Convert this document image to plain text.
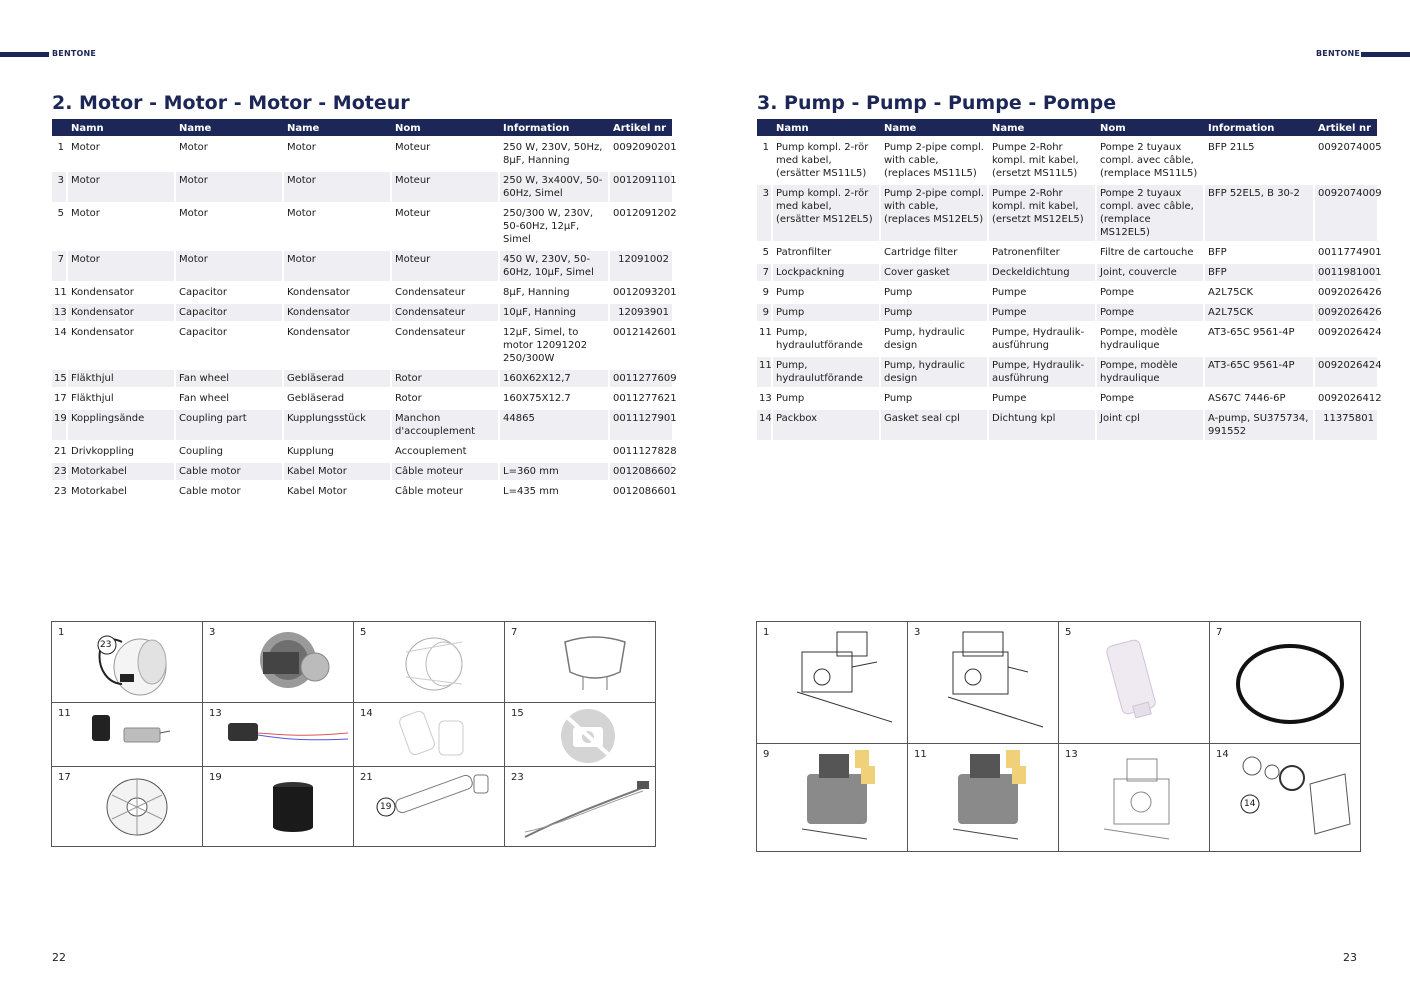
BENTONE	BENTONE
2. Motor - Motor - Motor - Moteur
	Namn	Name	Name	Nom	Information	Artikel nr
1	Motor	Motor	Motor	Moteur	250 W, 230V, 50Hz, 8µF, Hanning	0092090201
3	Motor	Motor	Motor	Moteur	250 W, 3x400V, 50-60Hz, Simel	0012091101
5	Motor	Motor	Motor	Moteur	250/300 W, 230V, 50-60Hz, 12µF, Simel	0012091202
7	Motor	Motor	Motor	Moteur	450 W, 230V, 50-60Hz, 10µF, Simel	12091002
11	Kondensator	Capacitor	Kondensator	Condensateur	8µF, Hanning	0012093201
13	Kondensator	Capacitor	Kondensator	Condensateur	10µF, Hanning	12093901
14	Kondensator	Capacitor	Kondensator	Condensateur	12µF, Simel, to motor 12091202 250/300W	0012142601
15	Fläkthjul	Fan wheel	Gebläserad	Rotor	160X62X12,7	0011277609
17	Fläkthjul	Fan wheel	Gebläserad	Rotor	160X75X12.7	0011277621
19	Kopplingsände	Coupling part	Kupplungsstück	Manchon d'accouplement	44865	0011127901
21	Drivkoppling	Coupling	Kupplung	Accouplement		0011127828
23	Motorkabel	Cable motor	Kabel Motor	Câble moteur	L=360 mm	0012086602
23	Motorkabel	Cable motor	Kabel Motor	Câble moteur	L=435 mm	0012086601
1
23
3	5	7
11	13	14	15
17	19	21
19
23
22
3. Pump - Pump - Pumpe - Pompe
	Namn	Name	Name	Nom	Information	Artikel nr
1	Pump kompl. 2-rör med kabel, (ersätter MS11L5)	Pump 2-pipe compl. with cable, (replaces MS11L5)	Pumpe 2-Rohr kompl. mit kabel, (ersetzt MS11L5)	Pompe 2 tuyaux compl. avec câble, (remplace MS11L5)	BFP 21L5	0092074005
3	Pump kompl. 2-rör med kabel, (ersätter MS12EL5)	Pump 2-pipe compl. with cable, (replaces MS12EL5)	Pumpe 2-Rohr kompl. mit kabel, (ersetzt MS12EL5)	Pompe 2 tuyaux compl. avec câble, (remplace MS12EL5)	BFP 52EL5, B 30-2	0092074009
5	Patronfilter	Cartridge filter	Patronenfilter	Filtre de cartouche	BFP	0011774901
7	Lockpackning	Cover gasket	Deckeldichtung	Joint, couvercle	BFP	0011981001
9	Pump	Pump	Pumpe	Pompe	A2L75CK	0092026426
9	Pump	Pump	Pumpe	Pompe	A2L75CK	0092026426
11	Pump, hydraulutförande	Pump, hydraulic design	Pumpe, Hydraulik-ausführung	Pompe, modèle hydraulique	AT3-65C 9561-4P	0092026424
11	Pump, hydraulutförande	Pump, hydraulic design	Pumpe, Hydraulik-ausführung	Pompe, modèle hydraulique	AT3-65C 9561-4P	0092026424
13	Pump	Pump	Pumpe	Pompe	AS67C 7446-6P	0092026412
14	Packbox	Gasket seal cpl	Dichtung kpl	Joint cpl	A-pump, SU375734, 991552	11375801
1	3	5	7
9	11	13	14
14
23
